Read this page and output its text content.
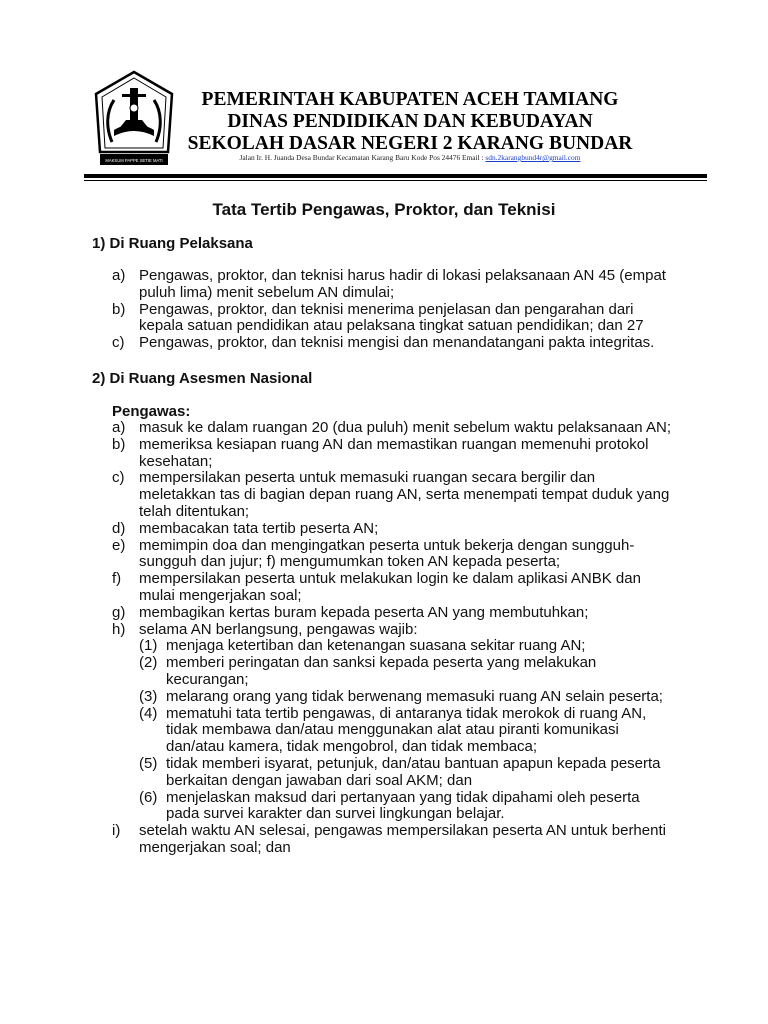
MAKSUM PAPPE SETIE MATI
PEMERINTAH KABUPATEN ACEH TAMIANG
DINAS PENDIDIKAN DAN KEBUDAYAN
SEKOLAH DASAR NEGERI 2 KARANG BUNDAR
Jalan Ir. H. Juanda Desa Bundar Kecamatan Karang Baru Kode Pos 24476 Email : sdn.2karangbund4r@gmail.com
Tata Tertib Pengawas, Proktor, dan Teknisi
1) Di Ruang Pelaksana
a) Pengawas, proktor, dan teknisi harus hadir di lokasi pelaksanaan AN 45 (empat puluh lima) menit sebelum AN dimulai;
b) Pengawas, proktor, dan teknisi menerima penjelasan dan pengarahan dari kepala satuan pendidikan atau pelaksana tingkat satuan pendidikan; dan 27
c) Pengawas, proktor, dan teknisi mengisi dan menandatangani pakta integritas.
2) Di Ruang Asesmen Nasional
Pengawas:
a) masuk ke dalam ruangan 20 (dua puluh) menit sebelum waktu pelaksanaan AN;
b) memeriksa kesiapan ruang AN dan memastikan ruangan memenuhi protokol kesehatan;
c) mempersilakan peserta untuk memasuki ruangan secara bergilir dan meletakkan tas di bagian depan ruang AN, serta menempati tempat duduk yang telah ditentukan;
d) membacakan tata tertib peserta AN;
e) memimpin doa dan mengingatkan peserta untuk bekerja dengan sungguh-sungguh dan jujur; f) mengumumkan token AN kepada peserta;
f) mempersilakan peserta untuk melakukan login ke dalam aplikasi ANBK dan mulai mengerjakan soal;
g) membagikan kertas buram kepada peserta AN yang membutuhkan;
h) selama AN berlangsung, pengawas wajib:
(1) menjaga ketertiban dan ketenangan suasana sekitar ruang AN;
(2) memberi peringatan dan sanksi kepada peserta yang melakukan kecurangan;
(3) melarang orang yang tidak berwenang memasuki ruang AN selain peserta;
(4) mematuhi tata tertib pengawas, di antaranya tidak merokok di ruang AN, tidak membawa dan/atau menggunakan alat atau piranti komunikasi dan/atau kamera, tidak mengobrol, dan tidak membaca;
(5) tidak memberi isyarat, petunjuk, dan/atau bantuan apapun kepada peserta berkaitan dengan jawaban dari soal AKM; dan
(6) menjelaskan maksud dari pertanyaan yang tidak dipahami oleh peserta pada survei karakter dan survei lingkungan belajar.
i) setelah waktu AN selesai, pengawas mempersilakan peserta AN untuk berhenti mengerjakan soal; dan
